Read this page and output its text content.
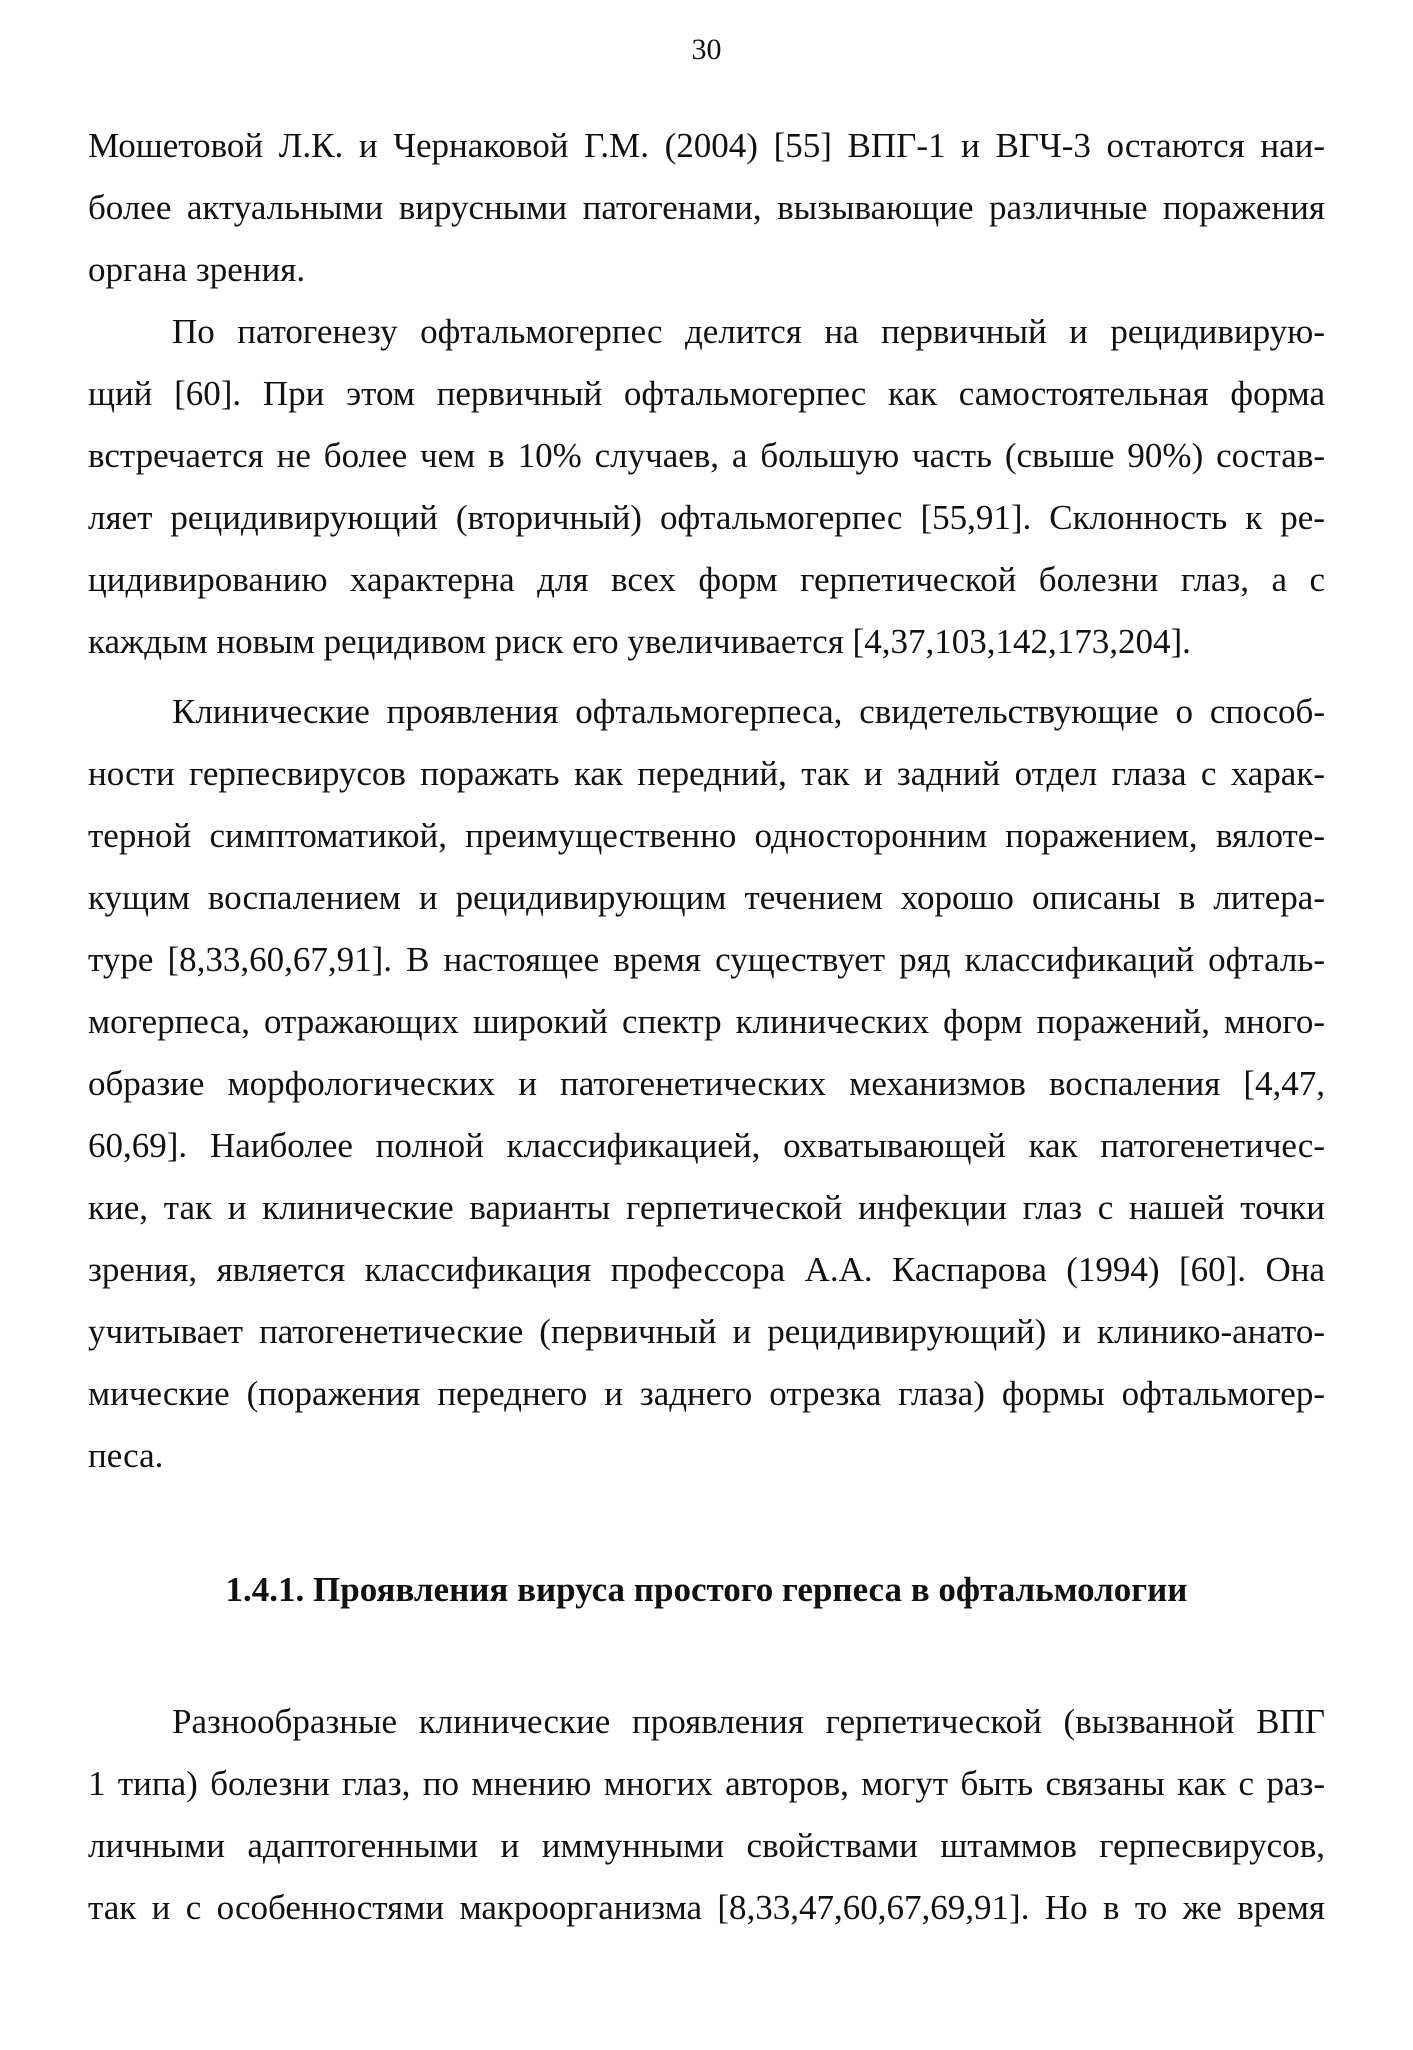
30
Мошетовой Л.К. и Чернаковой Г.М. (2004) [55] ВПГ-1 и ВГЧ-3 остаются наи-
более актуальными вирусными патогенами, вызывающие различные поражения
органа зрения.
По патогенезу офтальмогерпес делится на первичный и рецидивирую-
щий [60]. При этом первичный офтальмогерпес как самостоятельная форма
встречается не более чем в 10% случаев, а большую часть (свыше 90%) состав-
ляет рецидивирующий (вторичный) офтальмогерпес [55,91]. Склонность к ре-
цидивированию характерна для всех форм герпетической болезни глаз, а с
каждым новым рецидивом риск его увеличивается [4,37,103,142,173,204].
Клинические проявления офтальмогерпеса, свидетельствующие о способ-
ности герпесвирусов поражать как передний, так и задний отдел глаза с харак-
терной симптоматикой, преимущественно односторонним поражением, вялоте-
кущим воспалением и рецидивирующим течением хорошо описаны в литера-
туре [8,33,60,67,91]. В настоящее время существует ряд классификаций офталь-
могерпеса, отражающих широкий спектр клинических форм поражений, много-
образие морфологических и патогенетических механизмов воспаления [4,47,
60,69]. Наиболее полной классификацией, охватывающей как патогенетичес-
кие, так и клинические варианты герпетической инфекции глаз с нашей точки
зрения, является классификация профессора А.А. Каспарова (1994) [60]. Она
учитывает патогенетические (первичный и рецидивирующий) и клинико-анато-
мические (поражения переднего и заднего отрезка глаза) формы офтальмогер-
песа.
1.4.1. Проявления вируса простого герпеса в офтальмологии
Разнообразные клинические проявления герпетической (вызванной ВПГ
1 типа) болезни глаз, по мнению многих авторов, могут быть связаны как с раз-
личными адаптогенными и иммунными свойствами штаммов герпесвирусов,
так и с особенностями макроорганизма [8,33,47,60,67,69,91]. Но в то же время
